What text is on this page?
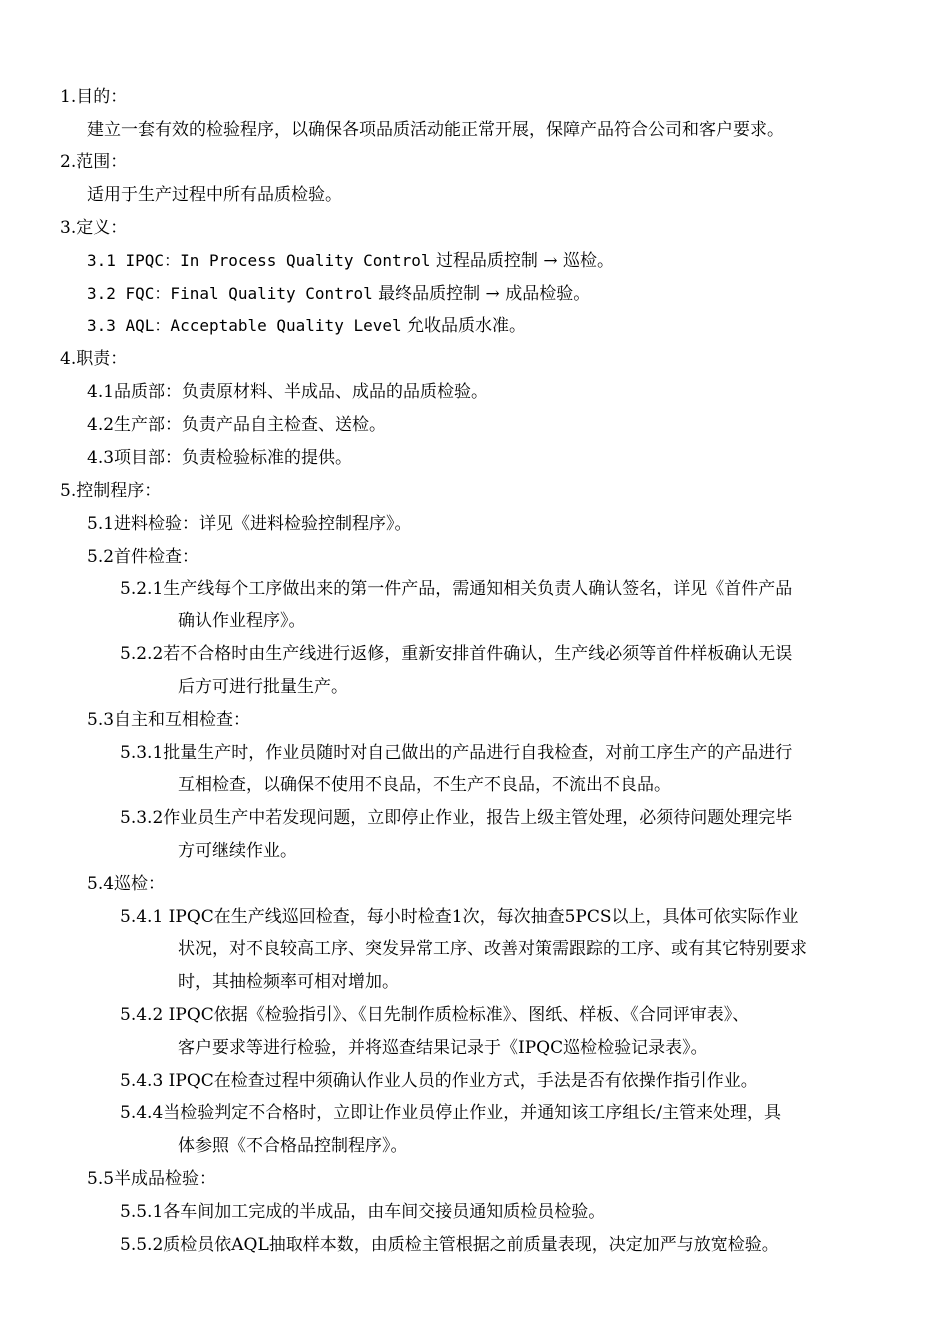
1.目的：

建立一套有效的检验程序，以确保各项品质活动能正常开展，保障产品符合公司和客户要求。

2.范围：

适用于生产过程中所有品质检验。

3.定义：

3.1 IPQC：In Process Quality Control 过程品质控制 → 巡检。

3.2 FQC：Final Quality Control 最终品质控制 → 成品检验。

3.3 AQL：Acceptable Quality Level 允收品质水准。

4.职责：

4.1品质部：负责原材料、半成品、成品的品质检验。

4.2生产部：负责产品自主检查、送检。

4.3项目部：负责检验标准的提供。

5.控制程序：

5.1进料检验：详见《进料检验控制程序》。

5.2首件检查：

5.2.1生产线每个工序做出来的第一件产品，需通知相关负责人确认签名，详见《首件产品

确认作业程序》。

5.2.2若不合格时由生产线进行返修，重新安排首件确认，生产线必须等首件样板确认无误

后方可进行批量生产。

5.3自主和互相检查：

5.3.1批量生产时，作业员随时对自己做出的产品进行自我检查，对前工序生产的产品进行

互相检查，以确保不使用不良品，不生产不良品，不流出不良品。

5.3.2作业员生产中若发现问题，立即停止作业，报告上级主管处理，必须待问题处理完毕

方可继续作业。

5.4巡检：

5.4.1 IPQC在生产线巡回检查，每小时检查1次，每次抽查5PCS以上，具体可依实际作业

状况，对不良较高工序、突发异常工序、改善对策需跟踪的工序、或有其它特别要求

时，其抽检频率可相对增加。

5.4.2 IPQC依据《检验指引》、《日先制作质检标准》、图纸、样板、《合同评审表》、

客户要求等进行检验，并将巡查结果记录于《IPQC巡检检验记录表》。

5.4.3 IPQC在检查过程中须确认作业人员的作业方式，手法是否有依操作指引作业。

5.4.4当检验判定不合格时，立即让作业员停止作业，并通知该工序组长/主管来处理，具

体参照《不合格品控制程序》。

5.5半成品检验：

5.5.1各车间加工完成的半成品，由车间交接员通知质检员检验。

5.5.2质检员依AQL抽取样本数，由质检主管根据之前质量表现，决定加严与放宽检验。
